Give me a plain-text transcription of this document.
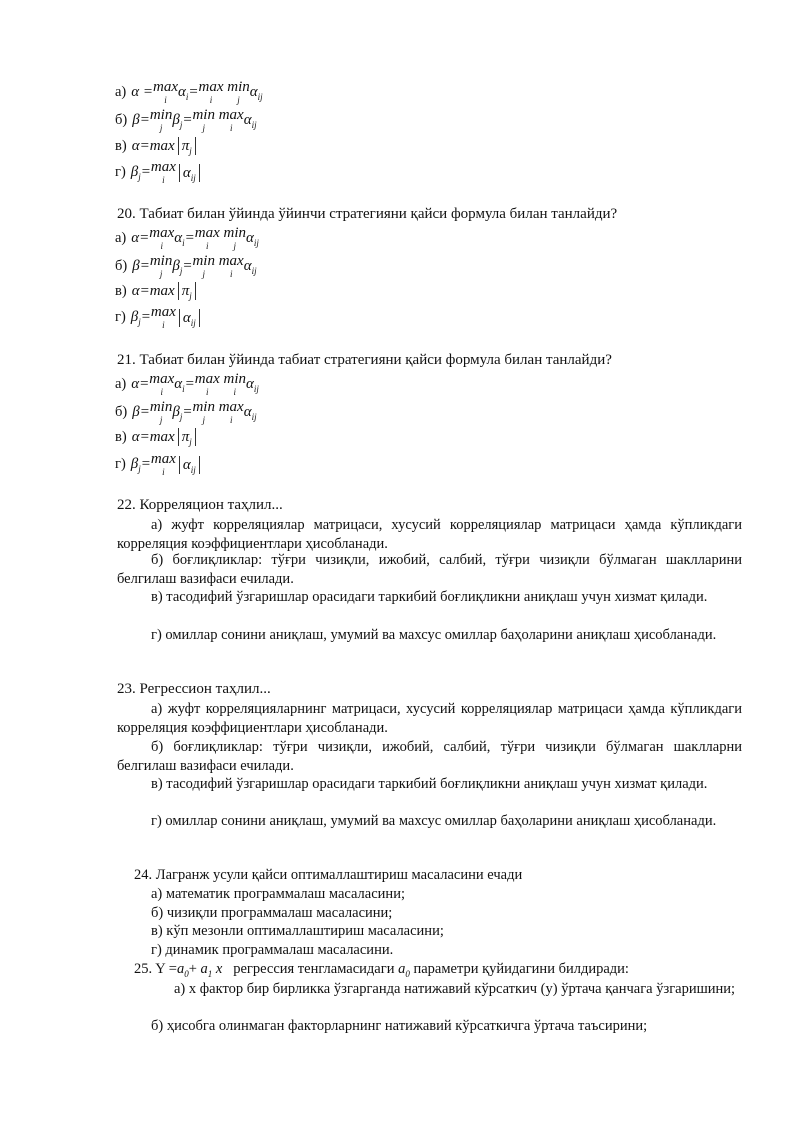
а) α
= max
i α i = max
i

min
j α ij
б) β = min
j β j = min
j

max
i α ij
в) $\alpha = \max \pi_j$
г) β j = max
i $\alpha_{ij}$
20. Табиат билан ўйинда ўйинчи стратегияни қайси формула билан танлайди?
а) α = max
i α i = max
i

min
j α ij
б) β = min
j β j = min
j

max
i α ij
в) $\alpha = \max \pi_j$
г) β j = max
i $\alpha_{ij}$
21. Табиат билан ўйинда табиат стратегияни қайси формула билан танлайди?
а) α = max
i α i = max
i

min
i α ij
б) β = min
j β j = min
j

max
i α ij
в) $\alpha = \max \pi_j$
г) β j = max
i $\alpha_{ij}$
22. Корреляцион таҳлил...
а) жуфт корреляциялар матрицаси, хусусий корреляциялар матрицаси ҳамда кўпликдаги корреляция коэффициентлари ҳисобланади.
б) боғлиқликлар: тўғри чизиқли, ижобий, салбий, тўғри чизиқли бўлмаган шаклларини белгилаш вазифаси ечилади.
в) тасодифий ўзгаришлар орасидаги таркибий боғлиқликни аниқлаш учун хизмат қилади.
г) омиллар сонини аниқлаш, умумий ва махсус омиллар баҳоларини аниқлаш ҳисобланади.
23. Регрессион таҳлил...
а) жуфт корреляцияларнинг матрицаси, хусусий корреляциялар матрицаси ҳамда кўпликдаги корреляция коэффициентлари ҳисобланади.
б) боғлиқликлар: тўғри чизиқли, ижобий, салбий, тўғри чизиқли бўлмаган шаклларни белгилаш вазифаси ечилади.
в) тасодифий ўзгаришлар орасидаги таркибий боғлиқликни аниқлаш учун хизмат қилади.
г) омиллар сонини аниқлаш, умумий ва махсус омиллар баҳоларини аниқлаш ҳисобланади.
24. Лагранж усули қайси оптималлаштириш масаласини ечади
а) математик программалаш масаласини;
б) чизиқли программалаш масаласини;
в) кўп мезонли оптималлаштириш масаласини;
г) динамик программалаш масаласини.
25. $Y =a_0+ a_1$ x регрессия тенгламасидаги $a_0$ параметри қуйидагини билдиради:
а) x фактор бир бирликка ўзгарганда натижавий кўрсаткич (у) ўртача қанчага ўзгаришини;
б) ҳисобга олинмаган факторларнинг натижавий кўрсаткичга ўртача таъсирини;
